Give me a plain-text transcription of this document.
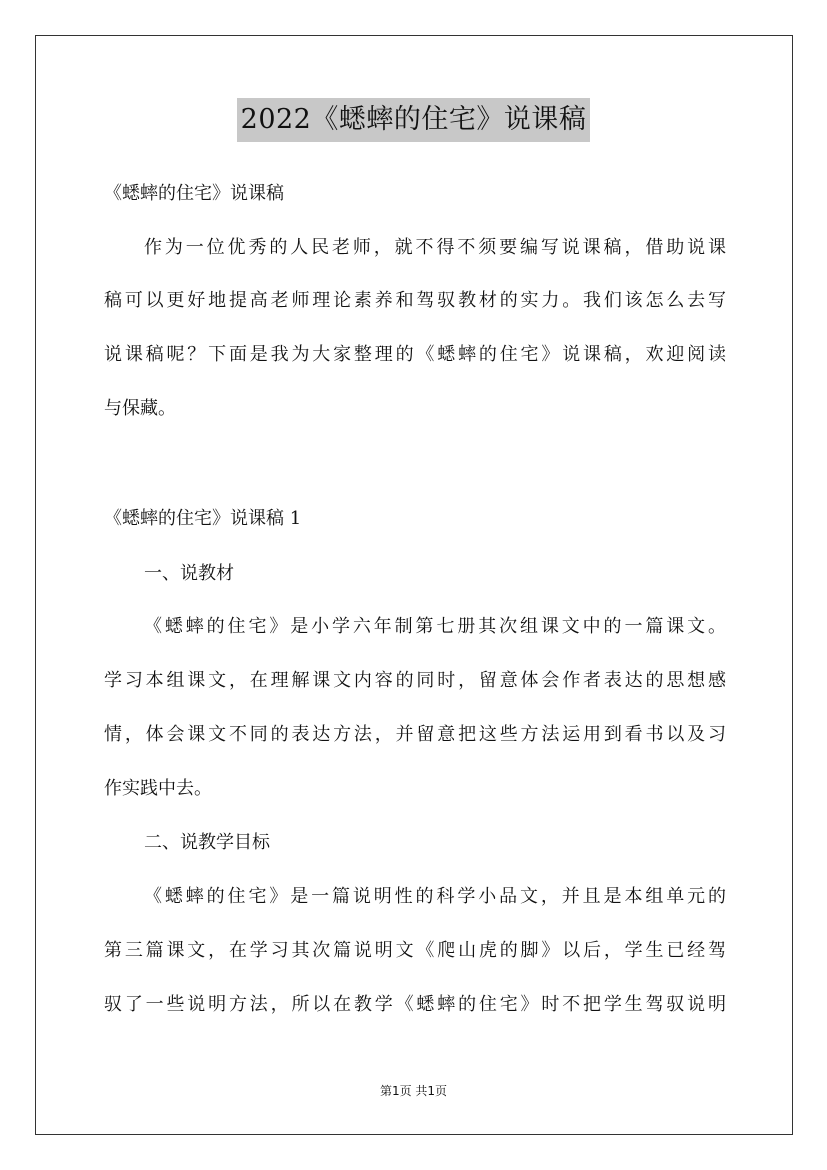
2022《蟋蟀的住宅》说课稿
《蟋蟀的住宅》说课稿
作为一位优秀的人民老师，就不得不须要编写说课稿，借助说课
稿可以更好地提高老师理论素养和驾驭教材的实力。我们该怎么去写
说课稿呢？下面是我为大家整理的《蟋蟀的住宅》说课稿，欢迎阅读
与保藏。
《蟋蟀的住宅》说课稿 1
一、说教材
《蟋蟀的住宅》是小学六年制第七册其次组课文中的一篇课文。
学习本组课文，在理解课文内容的同时，留意体会作者表达的思想感
情，体会课文不同的表达方法，并留意把这些方法运用到看书以及习
作实践中去。
二、说教学目标
《蟋蟀的住宅》是一篇说明性的科学小品文，并且是本组单元的
第三篇课文，在学习其次篇说明文《爬山虎的脚》以后，学生已经驾
驭了一些说明方法，所以在教学《蟋蟀的住宅》时不把学生驾驭说明
第1页 共1页
